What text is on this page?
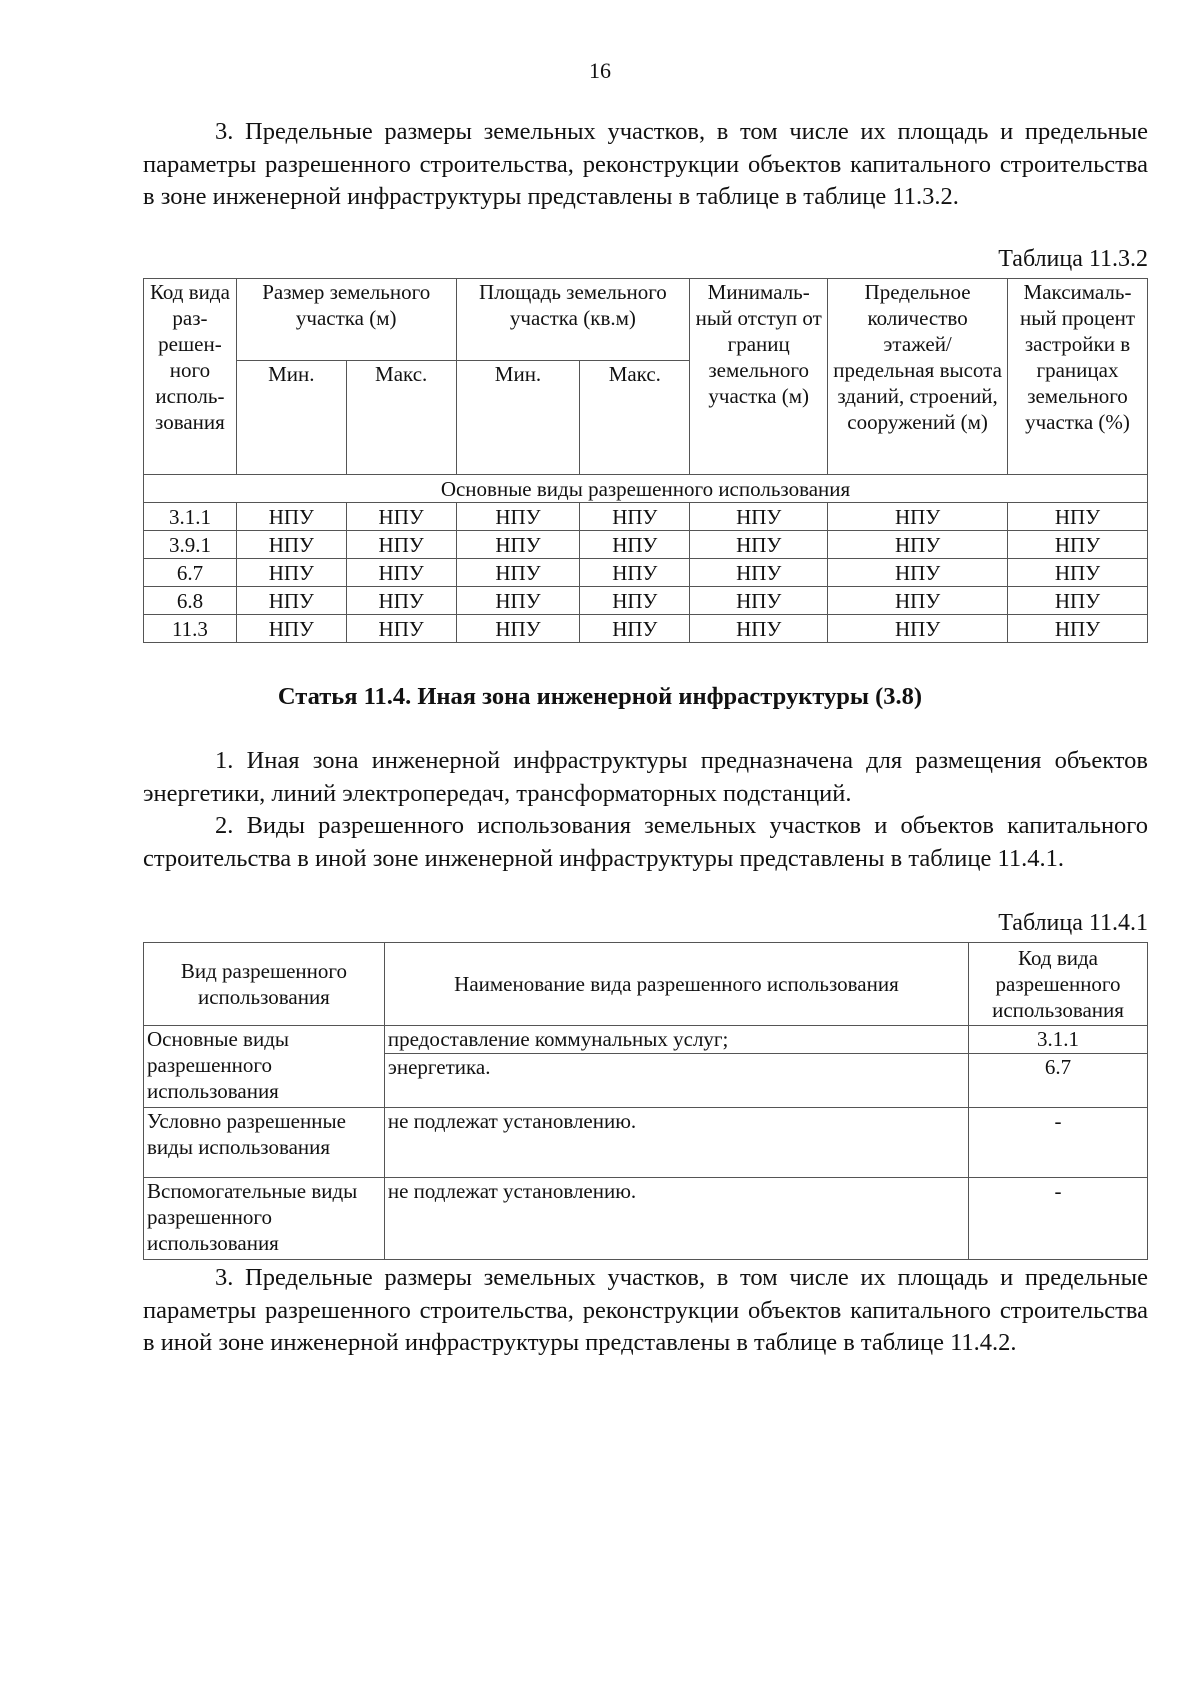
16

3. Предельные размеры земельных участков, в том числе их площадь и предельные параметры разрешенного строительства, реконструкции объектов капитального строительства в зоне инженерной инфраструктуры представлены в таблице в таблице 11.3.2.

Таблица 11.3.2
Код вида раз-решен-ного исполь-зования	Размер земельного участка (м)		Площадь земельного участка (кв.м)		Минималь-ный отступ от границ земельного участка (м)	Предельное количество этажей/ предельная высота зданий, строений, сооружений (м)	Максималь-ный процент застройки в границах земельного участка (%)
	Мин.	Макс.	Мин.	Макс.			
Основные виды разрешенного использования							
3.1.1	НПУ	НПУ	НПУ	НПУ	НПУ	НПУ	НПУ
3.9.1	НПУ	НПУ	НПУ	НПУ	НПУ	НПУ	НПУ
6.7	НПУ	НПУ	НПУ	НПУ	НПУ	НПУ	НПУ
6.8	НПУ	НПУ	НПУ	НПУ	НПУ	НПУ	НПУ
11.3	НПУ	НПУ	НПУ	НПУ	НПУ	НПУ	НПУ
Статья 11.4. Иная зона инженерной инфраструктуры (3.8)

1. Иная зона инженерной инфраструктуры предназначена для размещения объектов энергетики, линий электропередач, трансформаторных подстанций.

2. Виды разрешенного использования земельных участков и объектов капитального строительства в иной зоне инженерной инфраструктуры представлены в таблице 11.4.1.

Таблица 11.4.1
Вид разрешенного использования	Наименование вида разрешенного использования	Код вида разрешенного использования
Основные виды разрешенного использования	предоставление коммунальных услуг;	3.1.1
	энергетика.	6.7
Условно разрешенные виды использования	не подлежат установлению.	-
Вспомогательные виды разрешенного использования	не подлежат установлению.	-

3. Предельные размеры земельных участков, в том числе их площадь и предельные параметры разрешенного строительства, реконструкции объектов капитального строительства в иной зоне инженерной инфраструктуры представлены в таблице в таблице 11.4.2.
